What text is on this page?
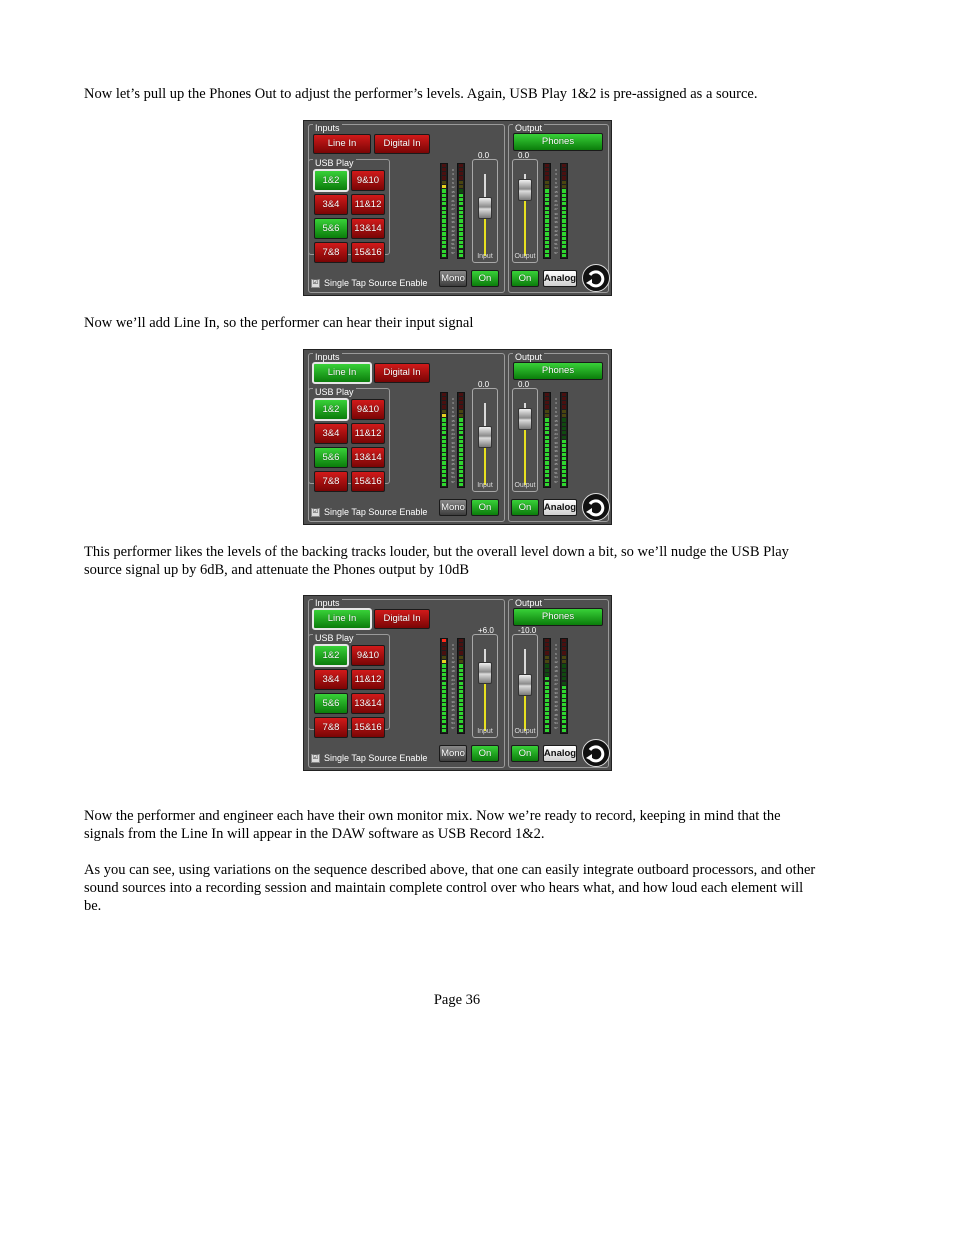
Now let’s pull up the Phones Out to adjust the performer’s levels. Again, USB Play 1&2 is pre-assigned as a source.

Inputs
Line In	Digital In
USB Play
1&2	9&10
3&4	11&12
5&6	13&14
7&8	15&16
☑ Single Tap Source Enable
0
3
6
9
12
15
18
21
24
27
30
33
36
39
42
45
48
51
54
57
Input
0.0
Mono	On
Output
Phones
Output
0.0
0
3
6
9
12
15
18
21
24
27
30
33
36
39
42
45
48
51
54
57
On	Analog

Now we’ll add Line In, so the performer can hear their input signal

Inputs
Line In	Digital In
USB Play
1&2	9&10
3&4	11&12
5&6	13&14
7&8	15&16
☑ Single Tap Source Enable
0
3
6
9
12
15
18
21
24
27
30
33
36
39
42
45
48
51
54
57
Input
0.0
Mono	On
Output
Phones
Output
0.0
0
3
6
9
12
15
18
21
24
27
30
33
36
39
42
45
48
51
54
57
On	Analog

This performer likes the levels of the backing tracks louder, but the overall level down a bit, so we’ll nudge the USB Play source signal up by 6dB, and attenuate the Phones output by 10dB

Inputs
Line In	Digital In
USB Play
1&2	9&10
3&4	11&12
5&6	13&14
7&8	15&16
☑ Single Tap Source Enable
0
3
6
9
12
15
18
21
24
27
30
33
36
39
42
45
48
51
54
57
Input
+6.0
Mono	On
Output
Phones
Output
-10.0
0
3
6
9
12
15
18
21
24
27
30
33
36
39
42
45
48
51
54
57
On	Analog

Now the performer and engineer each have their own monitor mix. Now we’re ready to record, keeping in mind that the signals from the Line In will appear in the DAW software as USB Record 1&2.

As you can see, using variations on the sequence described above, that one can easily integrate outboard processors, and other sound sources into a recording session and maintain complete control over who hears what, and how loud each element will be.

Page 36
